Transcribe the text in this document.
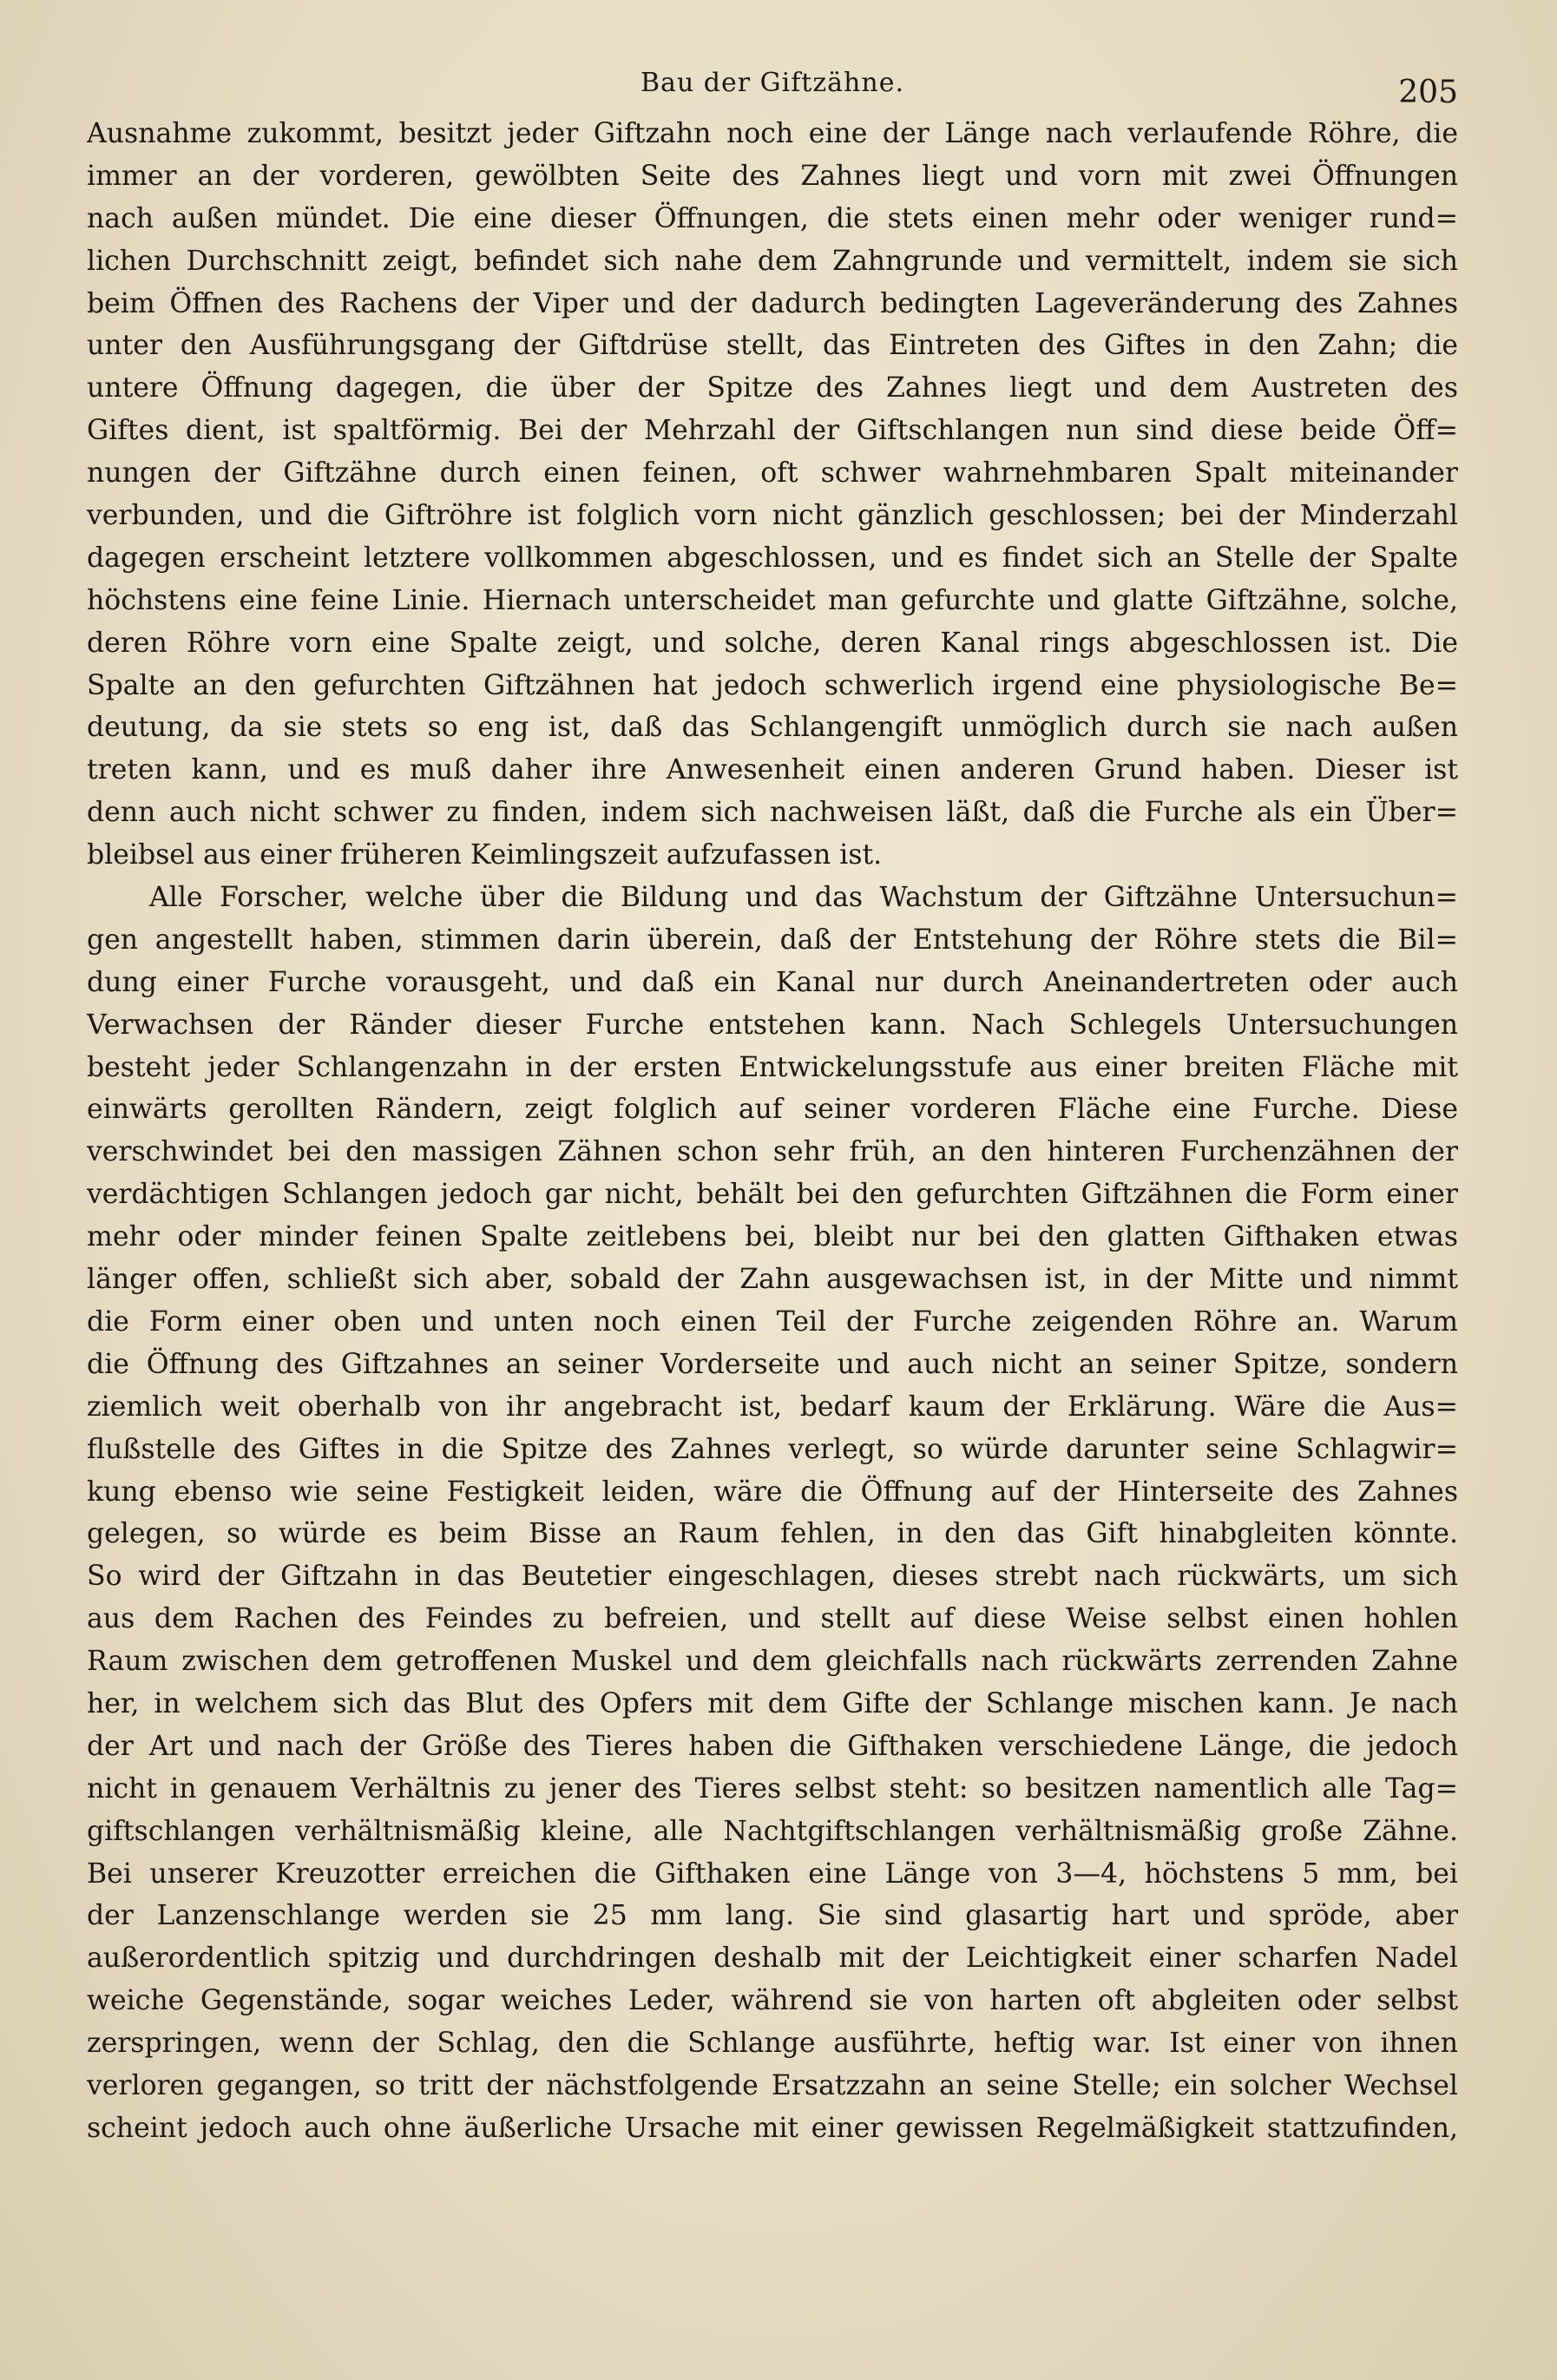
Bau der Giftzähne.	205
Ausnahme zukommt, besitzt jeder Giftzahn noch eine der Länge nach verlaufende Röhre, die
immer an der vorderen, gewölbten Seite des Zahnes liegt und vorn mit zwei Öffnungen
nach außen mündet. Die eine dieser Öffnungen, die stets einen mehr oder weniger rund=
lichen Durchschnitt zeigt, befindet sich nahe dem Zahngrunde und vermittelt, indem sie sich
beim Öffnen des Rachens der Viper und der dadurch bedingten Lageveränderung des Zahnes
unter den Ausführungsgang der Giftdrüse stellt, das Eintreten des Giftes in den Zahn; die
untere Öffnung dagegen, die über der Spitze des Zahnes liegt und dem Austreten des
Giftes dient, ist spaltförmig. Bei der Mehrzahl der Giftschlangen nun sind diese beide Öff=
nungen der Giftzähne durch einen feinen, oft schwer wahrnehmbaren Spalt miteinander
verbunden, und die Giftröhre ist folglich vorn nicht gänzlich geschlossen; bei der Minderzahl
dagegen erscheint letztere vollkommen abgeschlossen, und es findet sich an Stelle der Spalte
höchstens eine feine Linie. Hiernach unterscheidet man gefurchte und glatte Giftzähne, solche,
deren Röhre vorn eine Spalte zeigt, und solche, deren Kanal rings abgeschlossen ist. Die
Spalte an den gefurchten Giftzähnen hat jedoch schwerlich irgend eine physiologische Be=
deutung, da sie stets so eng ist, daß das Schlangengift unmöglich durch sie nach außen
treten kann, und es muß daher ihre Anwesenheit einen anderen Grund haben. Dieser ist
denn auch nicht schwer zu finden, indem sich nachweisen läßt, daß die Furche als ein Über=
bleibsel aus einer früheren Keimlingszeit aufzufassen ist.
Alle Forscher, welche über die Bildung und das Wachstum der Giftzähne Untersuchun=
gen angestellt haben, stimmen darin überein, daß der Entstehung der Röhre stets die Bil=
dung einer Furche vorausgeht, und daß ein Kanal nur durch Aneinandertreten oder auch
Verwachsen der Ränder dieser Furche entstehen kann. Nach Schlegels Untersuchungen
besteht jeder Schlangenzahn in der ersten Entwickelungsstufe aus einer breiten Fläche mit
einwärts gerollten Rändern, zeigt folglich auf seiner vorderen Fläche eine Furche. Diese
verschwindet bei den massigen Zähnen schon sehr früh, an den hinteren Furchenzähnen der
verdächtigen Schlangen jedoch gar nicht, behält bei den gefurchten Giftzähnen die Form einer
mehr oder minder feinen Spalte zeitlebens bei, bleibt nur bei den glatten Gifthaken etwas
länger offen, schließt sich aber, sobald der Zahn ausgewachsen ist, in der Mitte und nimmt
die Form einer oben und unten noch einen Teil der Furche zeigenden Röhre an. Warum
die Öffnung des Giftzahnes an seiner Vorderseite und auch nicht an seiner Spitze, sondern
ziemlich weit oberhalb von ihr angebracht ist, bedarf kaum der Erklärung. Wäre die Aus=
flußstelle des Giftes in die Spitze des Zahnes verlegt, so würde darunter seine Schlagwir=
kung ebenso wie seine Festigkeit leiden, wäre die Öffnung auf der Hinterseite des Zahnes
gelegen, so würde es beim Bisse an Raum fehlen, in den das Gift hinabgleiten könnte.
So wird der Giftzahn in das Beutetier eingeschlagen, dieses strebt nach rückwärts, um sich
aus dem Rachen des Feindes zu befreien, und stellt auf diese Weise selbst einen hohlen
Raum zwischen dem getroffenen Muskel und dem gleichfalls nach rückwärts zerrenden Zahne
her, in welchem sich das Blut des Opfers mit dem Gifte der Schlange mischen kann. Je nach
der Art und nach der Größe des Tieres haben die Gifthaken verschiedene Länge, die jedoch
nicht in genauem Verhältnis zu jener des Tieres selbst steht: so besitzen namentlich alle Tag=
giftschlangen verhältnismäßig kleine, alle Nachtgiftschlangen verhältnismäßig große Zähne.
Bei unserer Kreuzotter erreichen die Gifthaken eine Länge von 3—4, höchstens 5 mm, bei
der Lanzenschlange werden sie 25 mm lang. Sie sind glasartig hart und spröde, aber
außerordentlich spitzig und durchdringen deshalb mit der Leichtigkeit einer scharfen Nadel
weiche Gegenstände, sogar weiches Leder, während sie von harten oft abgleiten oder selbst
zerspringen, wenn der Schlag, den die Schlange ausführte, heftig war. Ist einer von ihnen
verloren gegangen, so tritt der nächstfolgende Ersatzzahn an seine Stelle; ein solcher Wechsel
scheint jedoch auch ohne äußerliche Ursache mit einer gewissen Regelmäßigkeit stattzufinden,
